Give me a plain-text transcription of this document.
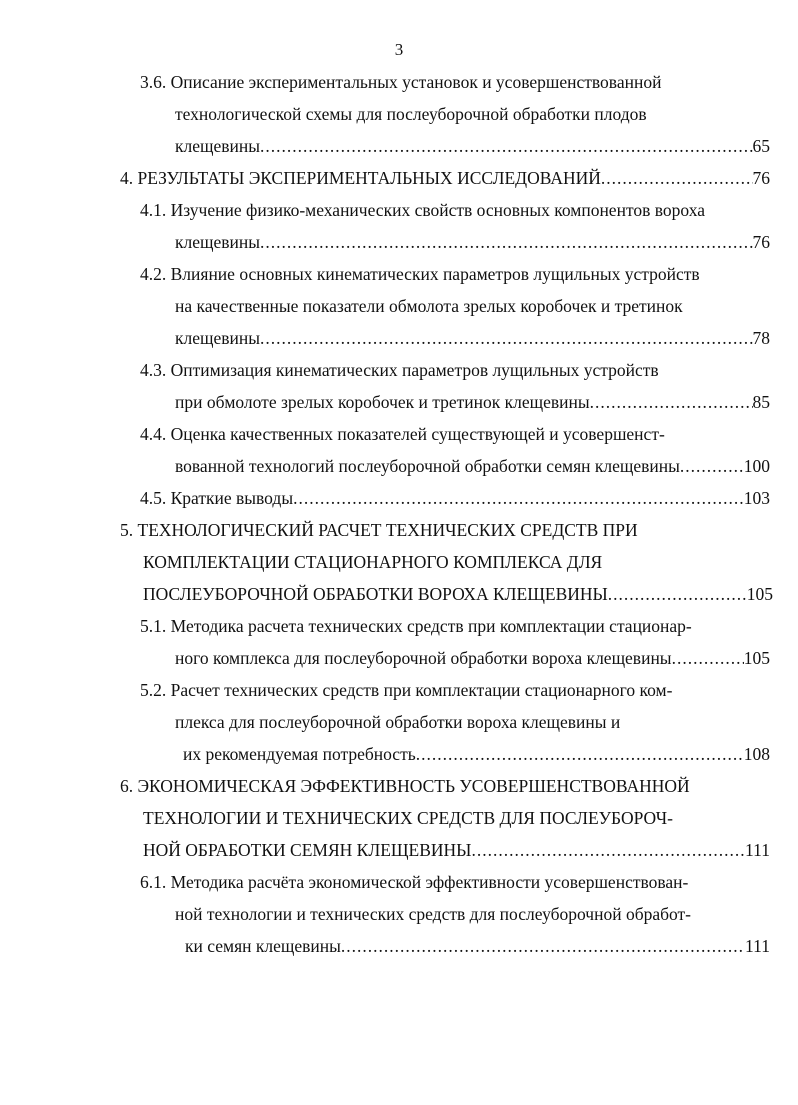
3
3.6. Описание экспериментальных установок и усовершенствованной
технологической схемы для послеуборочной обработки плодов
клещевины .....	65
4. РЕЗУЛЬТАТЫ ЭКСПЕРИМЕНТАЛЬНЫХ ИССЛЕДОВАНИЙ .....	76
4.1. Изучение физико-механических свойств основных компонентов вороха
клещевины .....	76
4.2. Влияние основных кинематических параметров лущильных устройств
на качественные показатели обмолота зрелых коробочек и третинок
клещевины .....	78
4.3. Оптимизация кинематических параметров лущильных устройств
при обмолоте зрелых коробочек и третинок клещевины .....	85
4.4. Оценка качественных показателей существующей и усовершенст-
вованной технологий послеуборочной обработки семян клещевины .....	100
4.5. Краткие выводы .....	103
5. ТЕХНОЛОГИЧЕСКИЙ РАСЧЕТ ТЕХНИЧЕСКИХ СРЕДСТВ ПРИ
КОМПЛЕКТАЦИИ СТАЦИОНАРНОГО КОМПЛЕКСА ДЛЯ
ПОСЛЕУБОРОЧНОЙ ОБРАБОТКИ ВОРОХА КЛЕЩЕВИНЫ .....	105
5.1. Методика расчета технических средств при комплектации стационар-
ного комплекса для послеуборочной обработки вороха клещевины .....	105
5.2. Расчет технических средств при комплектации стационарного ком-
плекса для послеуборочной обработки вороха клещевины и
их рекомендуемая потребность .....	108
6. ЭКОНОМИЧЕСКАЯ ЭФФЕКТИВНОСТЬ УСОВЕРШЕНСТВОВАННОЙ
ТЕХНОЛОГИИ И ТЕХНИЧЕСКИХ СРЕДСТВ ДЛЯ ПОСЛЕУБОРОЧ-
НОЙ ОБРАБОТКИ СЕМЯН КЛЕЩЕВИНЫ .....	111
6.1. Методика расчёта экономической эффективности усовершенствован-
ной технологии и технических средств для послеуборочной обработ-
ки семян клещевины .....	111
